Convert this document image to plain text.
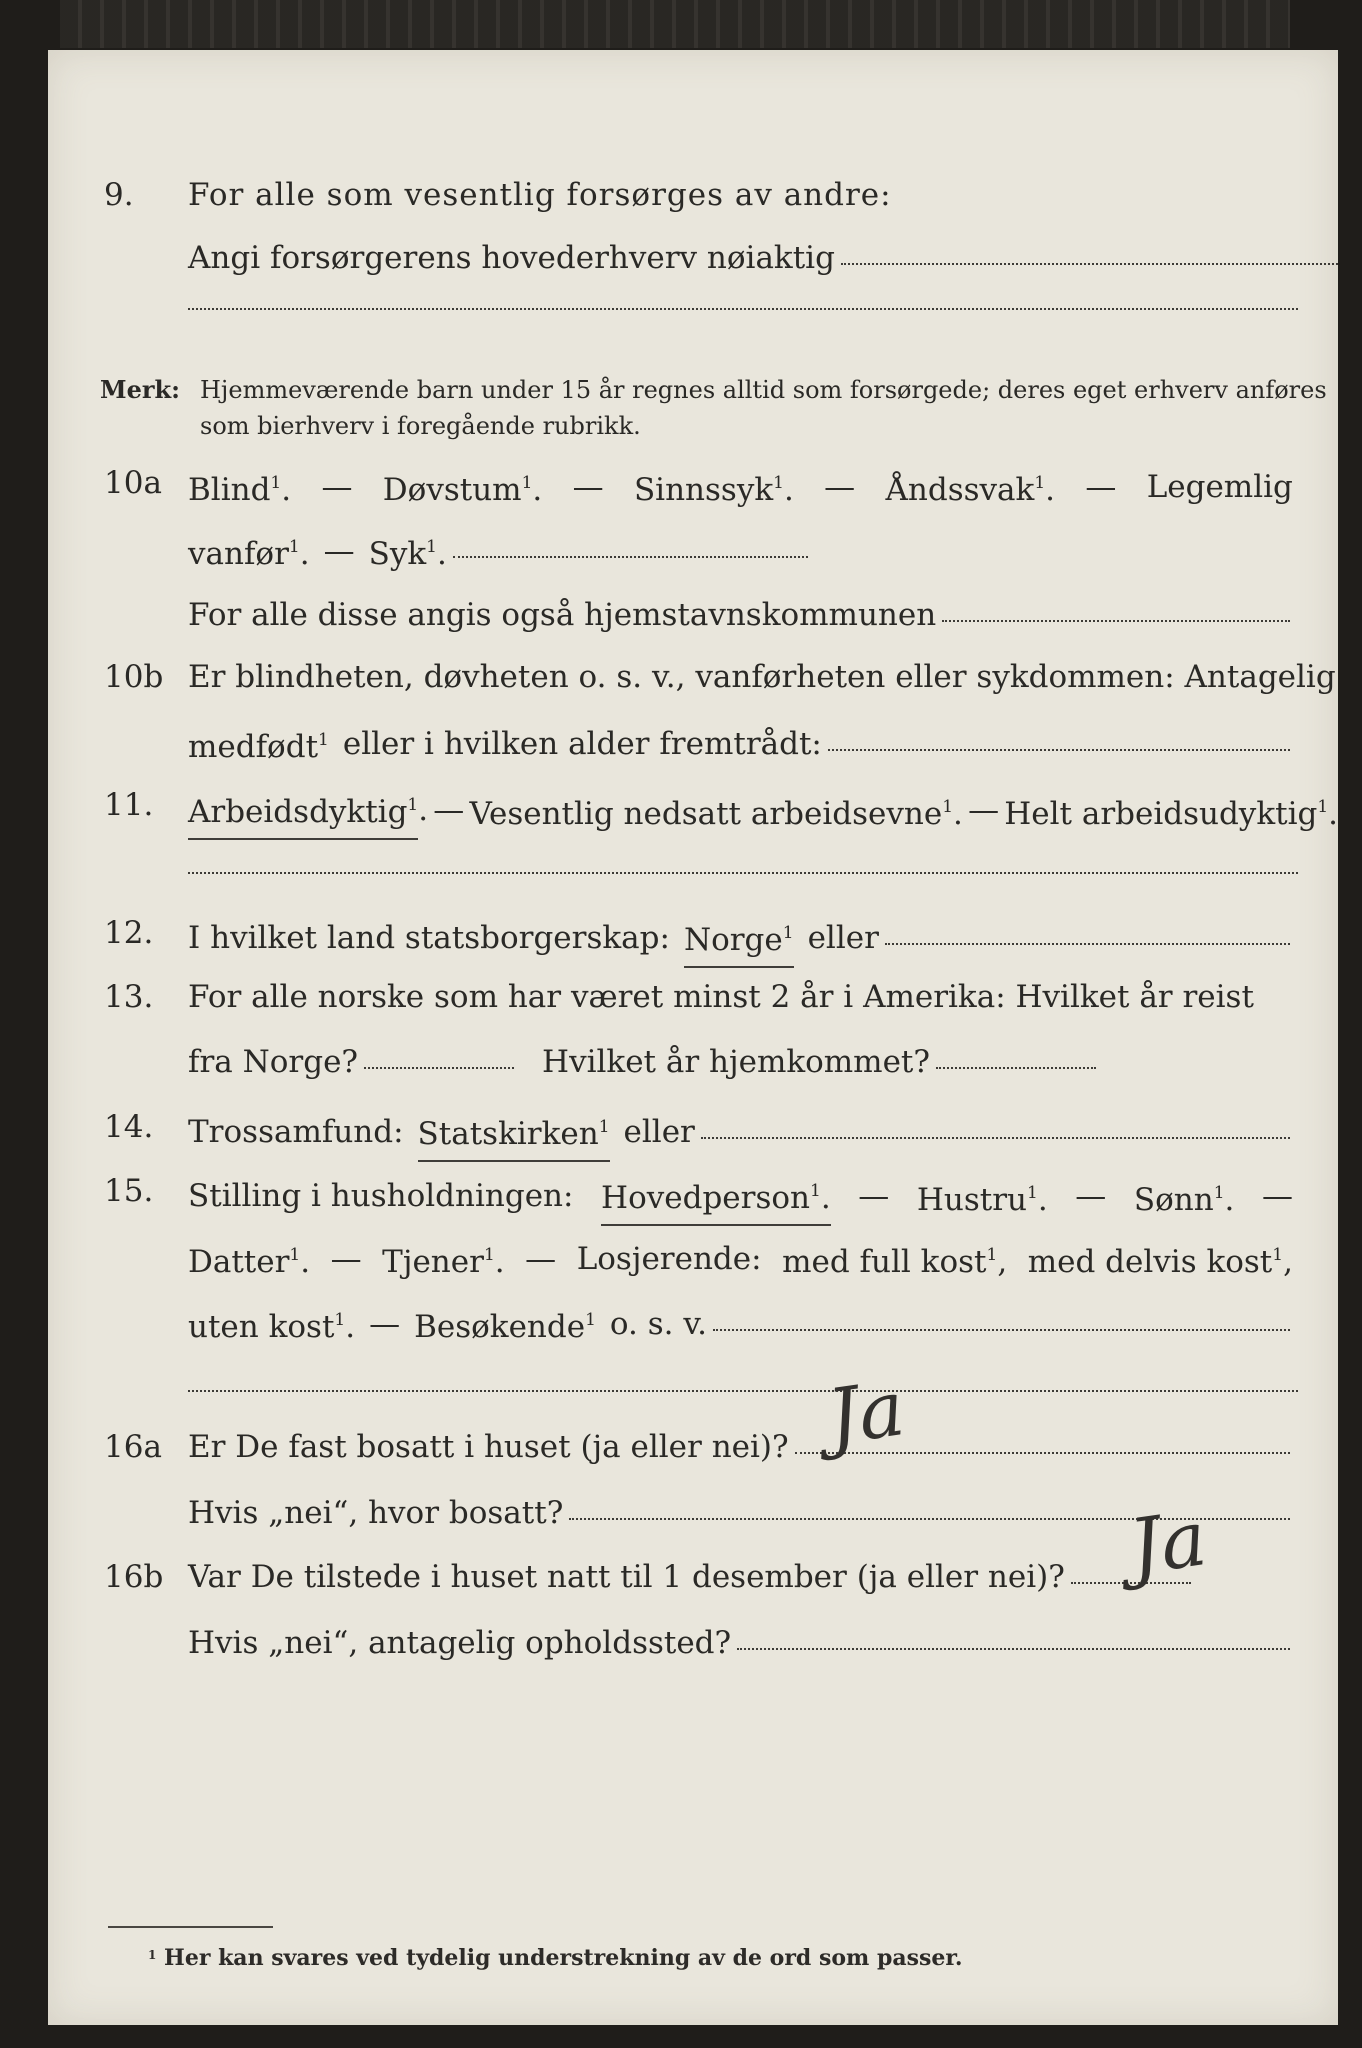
9.	For alle som vesentlig forsørges av andre:
Angi forsørgerens hovederhverv nøiaktig
Merk: Hjemmeværende barn under 15 år regnes alltid som forsørgede; deres eget erhverv anføres som bierhverv i foregående rubrikk.
10a Blind$^1$. — Døvstum$^1$. — Sinnssyk$^1$. — Åndssvak$^1$. — Legemlig
vanfør$^1$. — Syk$^1$.
For alle disse angis også hjemstavnskommunen
10b Er blindheten, døvheten o. s. v., vanførheten eller sykdommen: Antagelig
medfødt$^1$ eller i hvilken alder fremtrådt:
11.	Arbeidsdyktig$^1$ . — Vesentlig nedsatt arbeidsevne$^1$. — Helt arbeidsudyktig$^1$.
12.	I hvilket land statsborgerskap: Norge$^1$ eller
13.	For alle norske som har været minst 2 år i Amerika: Hvilket år reist
fra Norge?	Hvilket år hjemkommet?
14.	Trossamfund: Statskirken$^1$ eller
15.	Stilling i husholdningen: Hovedperson$^1$. — Hustru$^1$. — Sønn$^1$. —
Datter$^1$. — Tjener$^1$. — Losjerende: med full kost$^1$, med delvis kost$^1$,
uten kost$^1$. — Besøkende$^1$ o. s. v.
16a Er De fast bosatt i huset (ja eller nei)? Ja
Hvis „nei“, hvor bosatt?
16b Var De tilstede i huset natt til 1 desember (ja eller nei)? Ja
Hvis „nei“, antagelig opholdssted?
$^1$ Her kan svares ved tydelig understrekning av de ord som passer.
